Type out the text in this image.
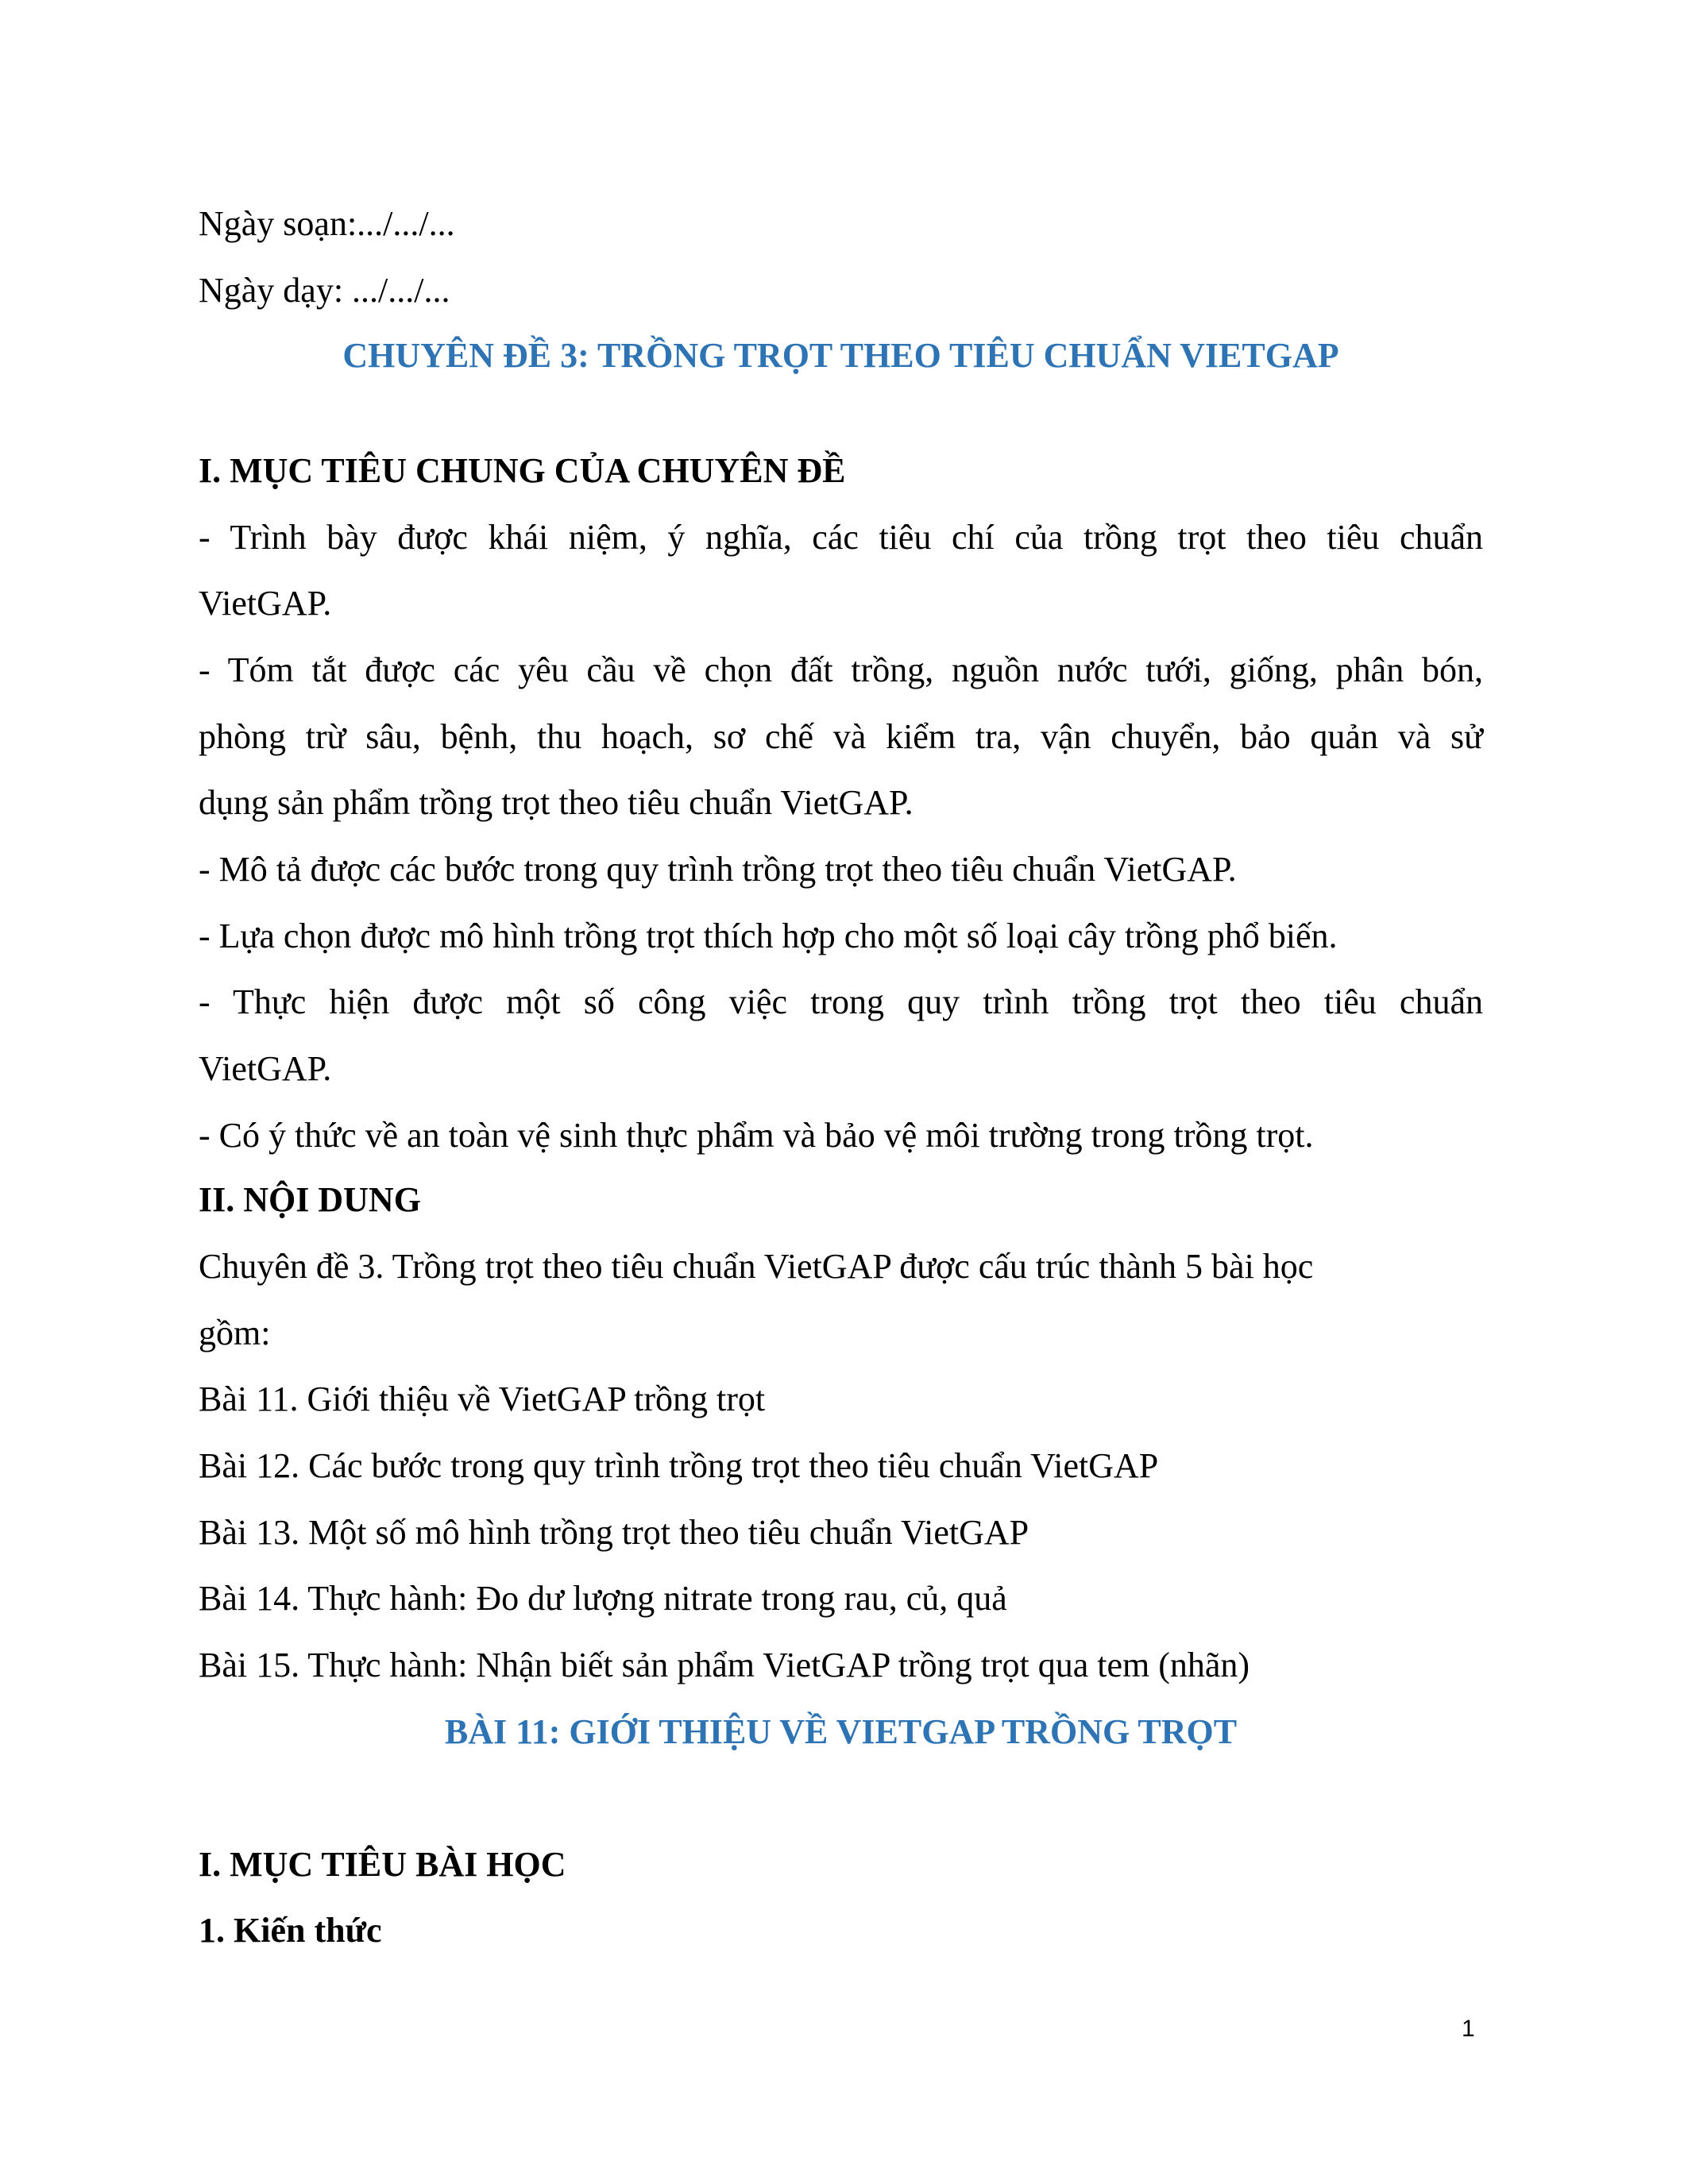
Ngày soạn:.../.../...
Ngày dạy: .../.../...
CHUYÊN ĐỀ 3: TRỒNG TRỌT THEO TIÊU CHUẨN VIETGAP
I. MỤC TIÊU CHUNG CỦA CHUYÊN ĐỀ
- Trình bày được khái niệm, ý nghĩa, các tiêu chí của trồng trọt theo tiêu chuẩn
VietGAP.
- Tóm tắt được các yêu cầu về chọn đất trồng, nguồn nước tưới, giống, phân bón,
phòng trừ sâu, bệnh, thu hoạch, sơ chế và kiểm tra, vận chuyển, bảo quản và sử
dụng sản phẩm trồng trọt theo tiêu chuẩn VietGAP.
- Mô tả được các bước trong quy trình trồng trọt theo tiêu chuẩn VietGAP.
- Lựa chọn được mô hình trồng trọt thích hợp cho một số loại cây trồng phổ biến.
- Thực hiện được một số công việc trong quy trình trồng trọt theo tiêu chuẩn
VietGAP.
- Có ý thức về an toàn vệ sinh thực phẩm và bảo vệ môi trường trong trồng trọt.
II. NỘI DUNG
Chuyên đề 3. Trồng trọt theo tiêu chuẩn VietGAP được cấu trúc thành 5 bài học
gồm:
Bài 11. Giới thiệu về VietGAP trồng trọt
Bài 12. Các bước trong quy trình trồng trọt theo tiêu chuẩn VietGAP
Bài 13. Một số mô hình trồng trọt theo tiêu chuẩn VietGAP
Bài 14. Thực hành: Đo dư lượng nitrate trong rau, củ, quả
Bài 15. Thực hành: Nhận biết sản phẩm VietGAP trồng trọt qua tem (nhãn)
BÀI 11: GIỚI THIỆU VỀ VIETGAP TRỒNG TRỌT
I. MỤC TIÊU BÀI HỌC
1. Kiến thức
1
